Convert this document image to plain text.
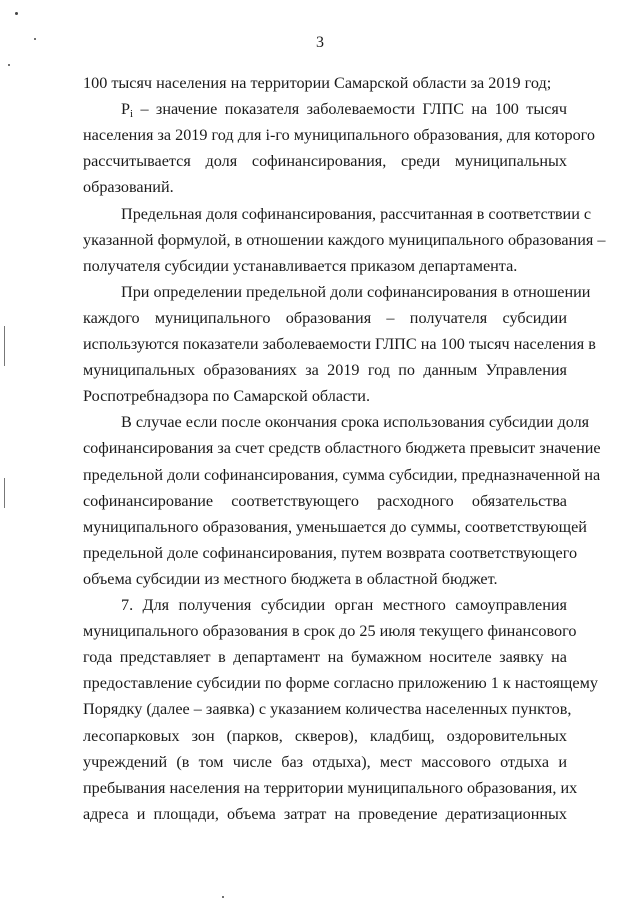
3
100 тысяч населения на территории Самарской области за 2019 год;
$P_i$ – значение показателя заболеваемости ГЛПС на 100 тысяч
населения за 2019 год для i-го муниципального образования, для которого
рассчитывается доля софинансирования, среди муниципальных
образований.
Предельная доля софинансирования, рассчитанная в соответствии с
указанной формулой, в отношении каждого муниципального образования –
получателя субсидии устанавливается приказом департамента.
При определении предельной доли софинансирования в отношении
каждого муниципального образования – получателя субсидии
используются показатели заболеваемости ГЛПС на 100 тысяч населения в
муниципальных образованиях за 2019 год по данным Управления
Роспотребнадзора по Самарской области.
В случае если после окончания срока использования субсидии доля
софинансирования за счет средств областного бюджета превысит значение
предельной доли софинансирования, сумма субсидии, предназначенной на
софинансирование соответствующего расходного обязательства
муниципального образования, уменьшается до суммы, соответствующей
предельной доле софинансирования, путем возврата соответствующего
объема субсидии из местного бюджета в областной бюджет.
7. Для получения субсидии орган местного самоуправления
муниципального образования в срок до 25 июля текущего финансового
года представляет в департамент на бумажном носителе заявку на
предоставление субсидии по форме согласно приложению 1 к настоящему
Порядку (далее – заявка) с указанием количества населенных пунктов,
лесопарковых зон (парков, скверов), кладбищ, оздоровительных
учреждений (в том числе баз отдыха), мест массового отдыха и
пребывания населения на территории муниципального образования, их
адреса и площади, объема затрат на проведение дератизационных
